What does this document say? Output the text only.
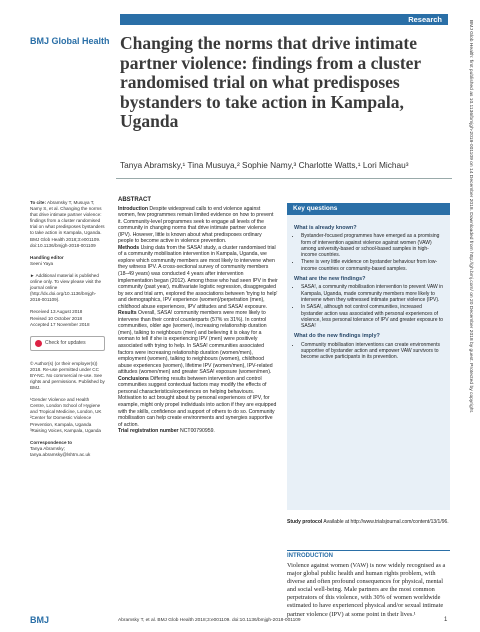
Research
BMJ Global Health Changing the norms that drive intimate partner violence: findings from a cluster randomised trial on what predisposes bystanders to take action in Kampala, Uganda
Tanya Abramsky,¹ Tina Musuya,² Sophie Namy,³ Charlotte Watts,¹ Lori Michau³
To cite: Abramsky T, Musuya T, Namy S, et al. Changing the norms that drive intimate partner violence: findings from a cluster randomised trial on what predisposes bystanders to take action in Kampala, Uganda. BMJ Glob Health 2018;3:e001109. doi:10.1136/bmjgh-2018-001109
Handling editor
Seeni Yaya
► Additional material is published online only. To view please visit the journal online (http://dx.doi.org/10.1136/bmjgh-2018-001109).
Received 13 August 2018
Revised 10 October 2018
Accepted 17 November 2018
Check for updates
© Author(s) (or their employer(s)) 2018. Re-use permitted under CC BY-NC. No commercial re-use. See rights and permissions. Published by BMJ.
¹Gender Violence and Health Centre, London School of Hygiene and Tropical Medicine, London, UK ²Center for Domestic Violence Prevention, Kampala, Uganda ³Raising Voices, Kampala, Uganda
Correspondence to
Tanya Abramsky; tanya.abramsky@lshtm.ac.uk
ABSTRACT

Introduction Despite widespread calls to end violence against women, few programmes remain limited evidence on how to prevent it. Community-level programmes seek to engage all levels of the community in changing norms that drive intimate partner violence (IPV). However, little is known about what predisposes ordinary people to become active in violence prevention.

Methods Using data from the SASA! study, a cluster randomised trial of a community mobilisation intervention in Kampala, Uganda, we explore which community members are most likely to intervene when they witness IPV. A cross-sectional survey of community members (18–49 years) was conducted 4 years after intervention implementation began (2012). Among those who had seen IPV in their community (past year), multivariate logistic regression, disaggregated by sex and trial arm, explored the associations between 'trying to help' and demographics, IPV experience (women)/perpetration (men), childhood abuse experiences, IPV attitudes and SASA! exposure.

Results Overall, SASA! community members were more likely to intervene than their control counterparts (57% vs 31%). In control communities, older age (women), increasing relationship duration (men), talking to neighbours (men) and believing it is okay for a woman to tell if she is experiencing IPV (men) were positively associated with trying to help. In SASA! communities associated factors were increasing relationship duration (women/men), employment (women), talking to neighbours (women), childhood abuse experiences (women), lifetime IPV (women/men), IPV-related attitudes (women/men) and greater SASA! exposure (women/men).

Conclusions Differing results between intervention and control communities suggest contextual factors may modify the effects of personal characteristics/experiences on helping behaviours. Motivation to act brought about by personal experiences of IPV, for example, might only propel individuals into action if they are equipped with the skills, confidence and support of others to do so. Community mobilisation can help create environments and synergies supportive of action.

Trial registration number NCT00790959.

Key questions
What is already known?
• Bystander-focused programmes have emerged as a promising form of intervention against violence against women (VAW) among university-based or school-based samples in high-income countries.
• There is very little evidence on bystander behaviour from low-income countries or community-based samples.
What are the new findings?
• SASA!, a community mobilisation intervention to prevent VAW in Kampala, Uganda, made community members more likely to intervene when they witnessed intimate partner violence (IPV).
• In SASA!, although not control communities, increased bystander action was associated with personal experiences of violence, less personal tolerance of IPV and greater exposure to SASA!
What do the new findings imply?
• Community mobilisation interventions can create environments supportive of bystander action and empower VAW survivors to become active participants in its prevention.
Study protocol Available at http://www.trialsjournal.com/content/13/1/96.
INTRODUCTION

Violence against women (VAW) is now widely recognised as a major global public health and human rights problem, with diverse and often profound consequences for physical, mental and social well-being. Male partners are the most common perpetrators of this violence, with 30% of women worldwide estimated to have experienced physical and/or sexual intimate partner violence (IPV) at some point in their lives.¹

BMJ	Abramsky T, et al. BMJ Glob Health 2018;3:e001109. doi:10.1136/bmjgh-2018-001109	1
BMJ Glob Health: first published as 10.1136/bmjgh-2018-001109 on 14 December 2018. Downloaded from http://gh.bmj.com/ on 20 December 2018 by guest. Protected by copyright.
